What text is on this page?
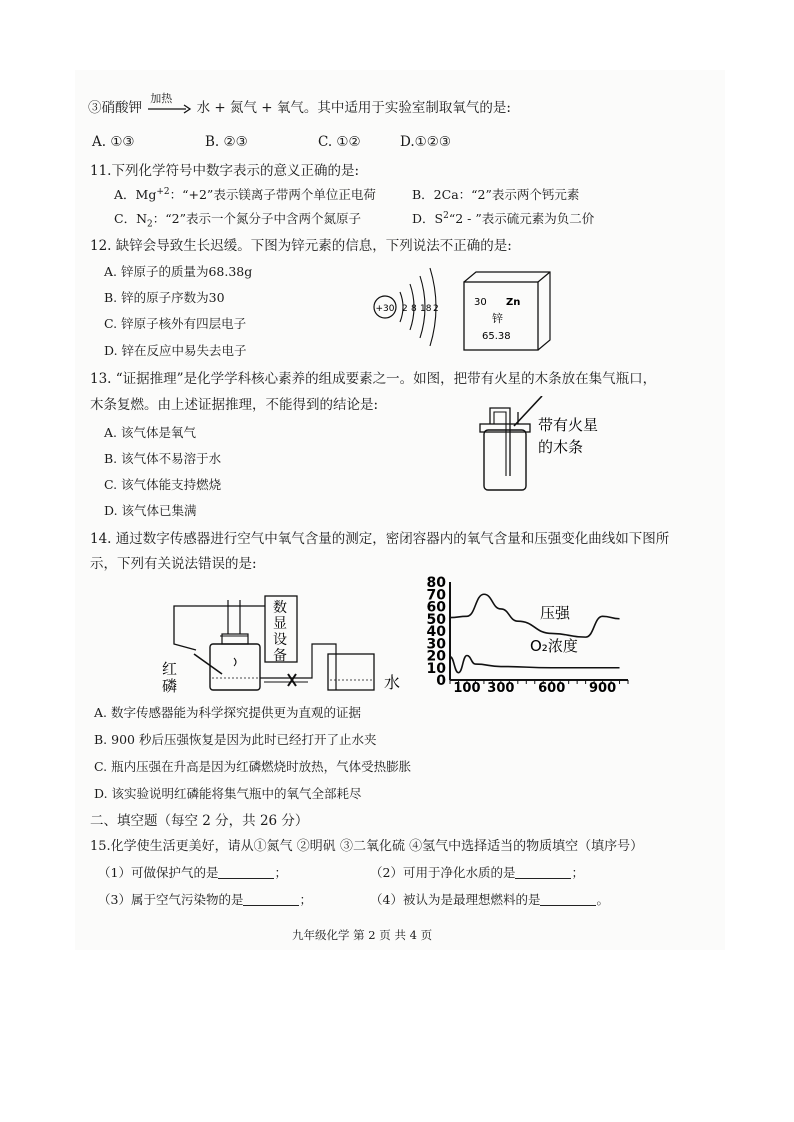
③硝酸钾
加热
水 + 氮气 + 氧气。其中适用于实验室制取氧气的是:
A. ①③	B. ②③	C. ①②	D.①②③
11.下列化学符号中数字表示的意义正确的是:
A．$Mg^{+2}$：“+2”表示镁离子带两个单位正电荷	B．2Ca：“2”表示两个钙元素
C．$N_2$：“2”表示一个氮分子中含两个氮原子	D．$S^2“2$ - ”表示硫元素为负二价
12. 缺锌会导致生长迟缓。下图为锌元素的信息，下列说法不正确的是:
A. 锌原子的质量为68.38g
B. 锌的原子序数为30
C. 锌原子核外有四层电子
D. 锌在反应中易失去电子
+30 2 8 18 2
30 Zn
锌
65.38
13. “证据推理”是化学学科核心素养的组成要素之一。如图，把带有火星的木条放在集气瓶口，
木条复燃。由上述证据推理，不能得到的结论是:
A. 该气体是氧气
B. 该气体不易溶于水
C. 该气体能支持燃烧
D. 该气体已集满
带有火星
的木条
14. 通过数字传感器进行空气中氧气含量的测定，密闭容器内的氧气含量和压强变化曲线如下图所
示，下列有关说法错误的是:
数
显
设
备
红
磷	水
80
70
60
50
40
30
20
10
0 100 300 600 900
压强
O₂浓度
A. 数字传感器能为科学探究提供更为直观的证据
B. 900 秒后压强恢复是因为此时已经打开了止水夹
C. 瓶内压强在升高是因为红磷燃烧时放热，气体受热膨胀
D. 该实验说明红磷能将集气瓶中的氧气全部耗尽
二、填空题（每空 2 分，共 26 分）
15.化学使生活更美好，请从①氮气 ②明矾 ③二氧化硫 ④氢气中选择适当的物质填空（填序号）
（1）可做保护气的是	；	（2）可用于净化水质的是	；
（3）属于空气污染物的是	；	（4）被认为是最理想燃料的是	。
九年级化学 第 2 页 共 4 页
